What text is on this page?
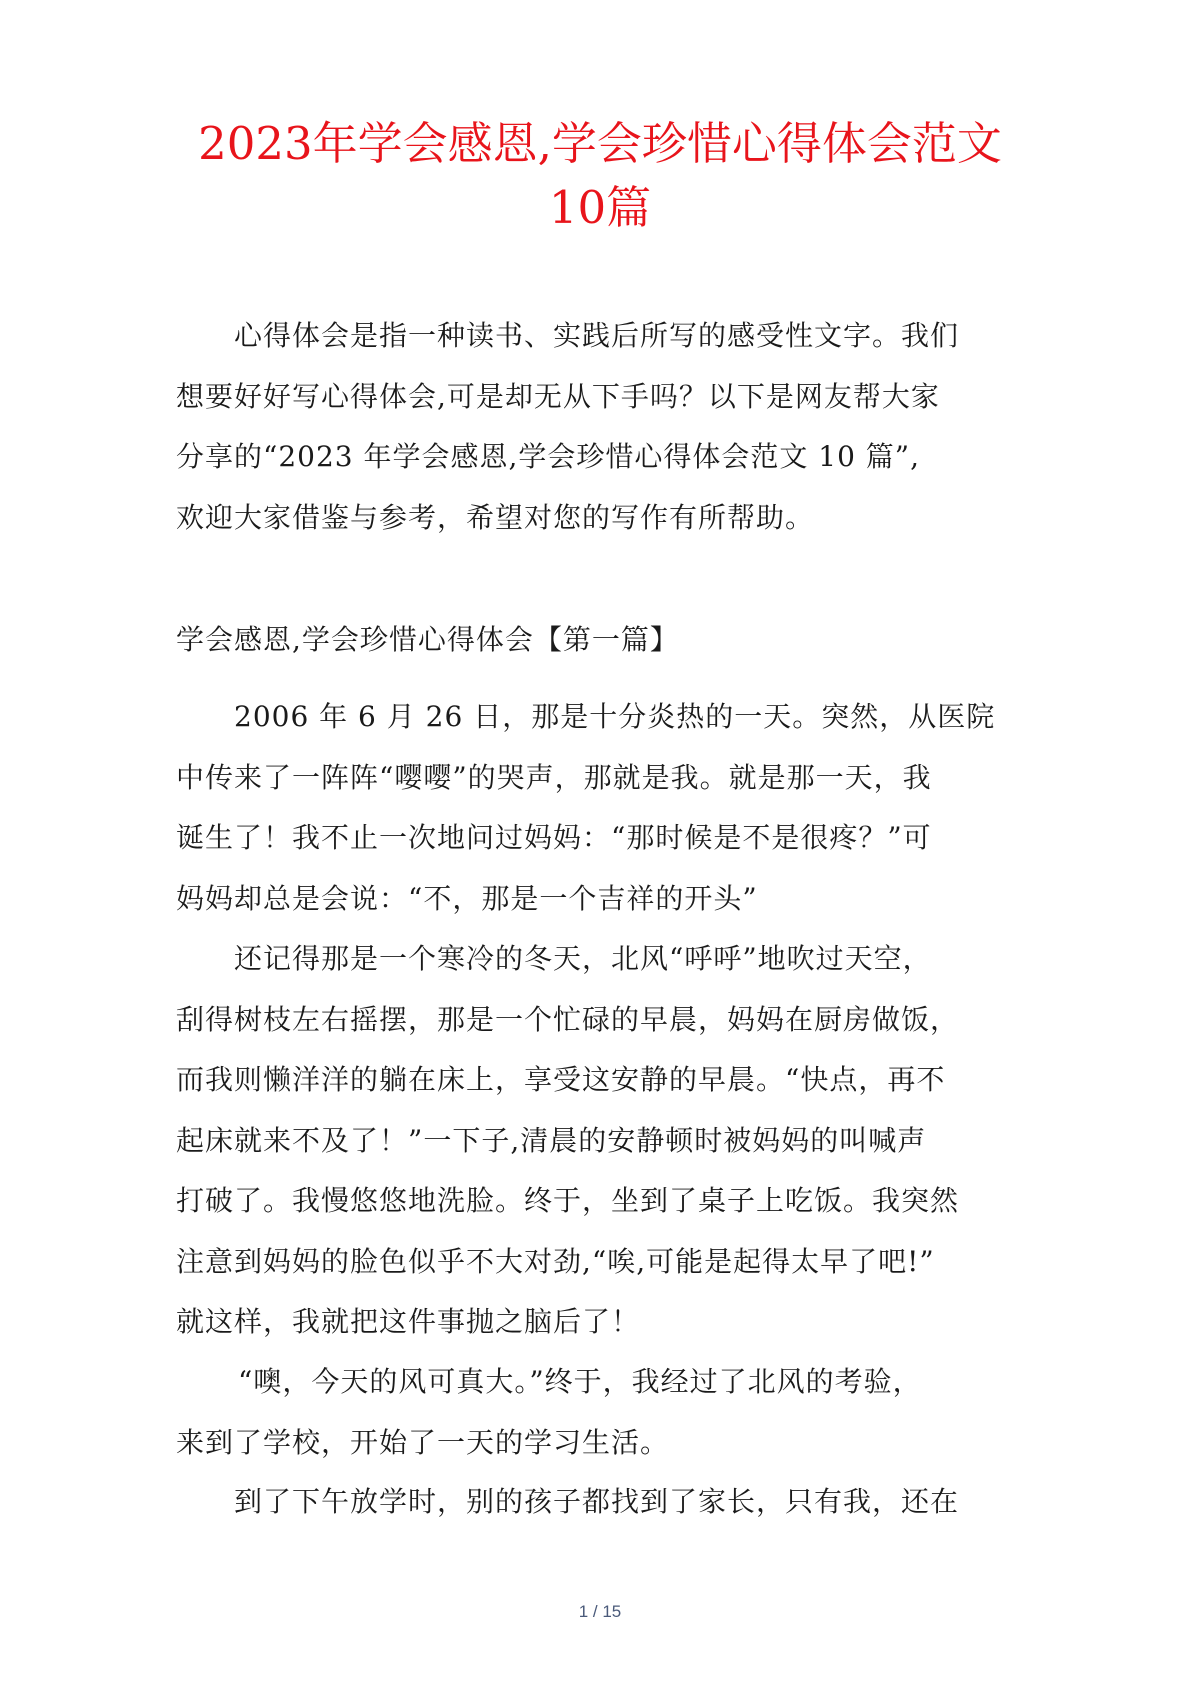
2023年学会感恩,学会珍惜心得体会范文
10篇

心得体会是指一种读书、实践后所写的感受性文字。我们
想要好好写心得体会,可是却无从下手吗？以下是网友帮大家
分享的“2023 年学会感恩,学会珍惜心得体会范文 10 篇”,
欢迎大家借鉴与参考，希望对您的写作有所帮助。

学会感恩,学会珍惜心得体会【第一篇】

2006 年 6 月 26 日，那是十分炎热的一天。突然，从医院
中传来了一阵阵“嘤嘤”的哭声，那就是我。就是那一天，我
诞生了！我不止一次地问过妈妈：“那时候是不是很疼？”可
妈妈却总是会说：“不，那是一个吉祥的开头”

还记得那是一个寒冷的冬天，北风“呼呼”地吹过天空，
刮得树枝左右摇摆，那是一个忙碌的早晨，妈妈在厨房做饭，
而我则懒洋洋的躺在床上，享受这安静的早晨。“快点，再不
起床就来不及了！”一下子,清晨的安静顿时被妈妈的叫喊声
打破了。我慢悠悠地洗脸。终于，坐到了桌子上吃饭。我突然
注意到妈妈的脸色似乎不大对劲,“唉,可能是起得太早了吧!”
就这样，我就把这件事抛之脑后了！

“噢，今天的风可真大。”终于，我经过了北风的考验，
来到了学校，开始了一天的学习生活。

到了下午放学时，别的孩子都找到了家长，只有我，还在

1 / 15
